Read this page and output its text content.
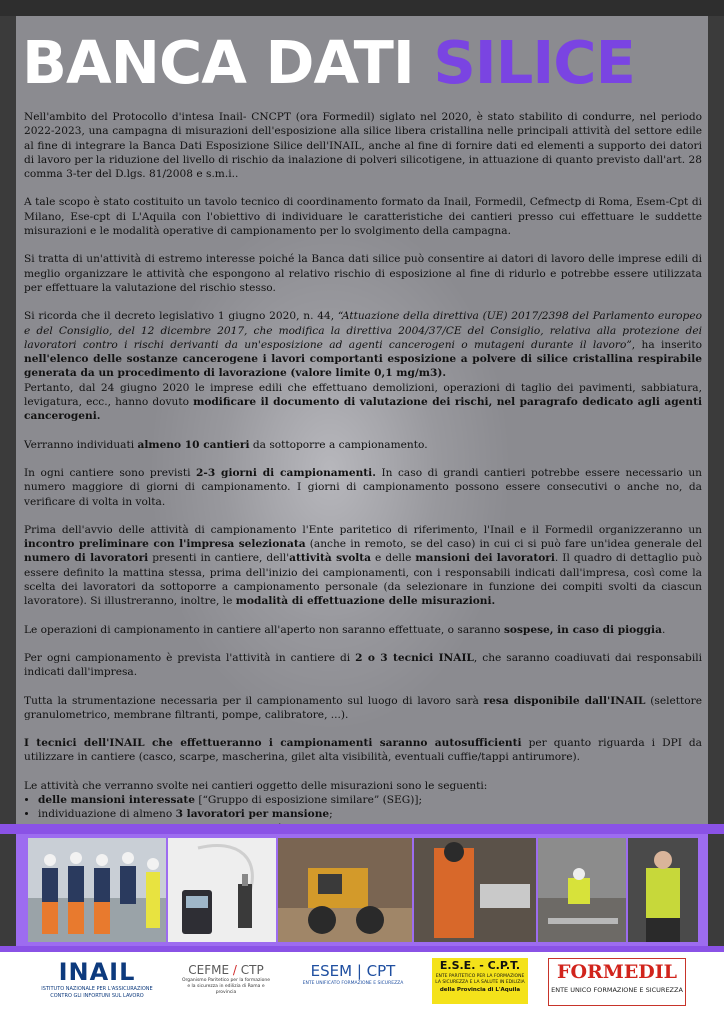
BANCA DATI SILICE

Nell'ambito del Protocollo d'intesa Inail- CNCPT (ora Formedil) siglato nel 2020, è stato stabilito di condurre, nel periodo 2022-2023, una campagna di misurazioni dell'esposizione alla silice libera cristallina nelle principali attività del settore edile al fine di integrare la Banca Dati Esposizione Silice dell'INAIL, anche al fine di fornire dati ed elementi a supporto dei datori di lavoro per la riduzione del livello di rischio da inalazione di polveri silicotigene, in attuazione di quanto previsto dall'art. 28 comma 3-ter del D.lgs. 81/2008 e s.m.i..

A tale scopo è stato costituito un tavolo tecnico di coordinamento formato da Inail, Formedil, Cefmectp di Roma, Esem-Cpt di Milano, Ese-cpt di L'Aquila con l'obiettivo di individuare le caratteristiche dei cantieri presso cui effettuare le suddette misurazioni e le modalità operative di campionamento per lo svolgimento della campagna.

Si tratta di un'attività di estremo interesse poiché la Banca dati silice può consentire ai datori di lavoro delle imprese edili di meglio organizzare le attività che espongono al relativo rischio di esposizione al fine di ridurlo e potrebbe essere utilizzata per effettuare la valutazione del rischio stesso.

Si ricorda che il decreto legislativo 1 giugno 2020, n. 44, “Attuazione della direttiva (UE) 2017/2398 del Parlamento europeo e del Consiglio, del 12 dicembre 2017, che modifica la direttiva 2004/37/CE del Consiglio, relativa alla protezione dei lavoratori contro i rischi derivanti da un'esposizione ad agenti cancerogeni o mutageni durante il lavoro”, ha inserito nell'elenco delle sostanze cancerogene i lavori comportanti esposizione a polvere di silice cristallina respirabile generata da un procedimento di lavorazione (valore limite 0,1 mg/m3).

Pertanto, dal 24 giugno 2020 le imprese edili che effettuano demolizioni, operazioni di taglio dei pavimenti, sabbiatura, levigatura, ecc., hanno dovuto modificare il documento di valutazione dei rischi, nel paragrafo dedicato agli agenti cancerogeni.

Verranno individuati almeno 10 cantieri da sottoporre a campionamento.

In ogni cantiere sono previsti 2-3 giorni di campionamenti. In caso di grandi cantieri potrebbe essere necessario un numero maggiore di giorni di campionamento. I giorni di campionamento possono essere consecutivi o anche no, da verificare di volta in volta.

Prima dell'avvio delle attività di campionamento l'Ente paritetico di riferimento, l'Inail e il Formedil organizzeranno un incontro preliminare con l'impresa selezionata (anche in remoto, se del caso) in cui ci si può fare un'idea generale del numero di lavoratori presenti in cantiere, dell'attività svolta e delle mansioni dei lavoratori. Il quadro di dettaglio può essere definito la mattina stessa, prima dell'inizio dei campionamenti, con i responsabili indicati dall'impresa, così come la scelta dei lavoratori da sottoporre a campionamento personale (da selezionare in funzione dei compiti svolti da ciascun lavoratore). Si illustreranno, inoltre, le modalità di effettuazione delle misurazioni.

Le operazioni di campionamento in cantiere all'aperto non saranno effettuate, o saranno sospese, in caso di pioggia.

Per ogni campionamento è prevista l'attività in cantiere di 2 o 3 tecnici INAIL, che saranno coadiuvati dai responsabili indicati dall'impresa.

Tutta la strumentazione necessaria per il campionamento sul luogo di lavoro sarà resa disponibile dall'INAIL (selettore granulometrico, membrane filtranti, pompe, calibratore, ...).

I tecnici dell'INAIL che effettueranno i campionamenti saranno autosufficienti per quanto riguarda i DPI da utilizzare in cantiere (casco, scarpe, mascherina, gilet alta visibilità, eventuali cuffie/tappi antirumore).

Le attività che verranno svolte nei cantieri oggetto delle misurazioni sono le seguenti:

• delle mansioni interessate [“Gruppo di esposizione similare” (SEG)];
• individuazione di almeno 3 lavoratori per mansione;
•
•
•
INAIL
ISTITUTO NAZIONALE PER L'ASSICURAZIONE
CONTRO GLI INFORTUNI SUL LAVORO
CEFME / CTP
Organismo Paritetico per la formazione e la sicurezza in edilizia di Roma e provincia
ESEM | CPT
ENTE UNIFICATO FORMAZIONE E SICUREZZA
E.S.E. - C.P.T.
ENTE PARITETICO PER LA FORMAZIONE
LA SICUREZZA E LA SALUTE IN EDILIZIA
della Provincia di L'Aquila
FORMEDIL
ENTE UNICO FORMAZIONE E SICUREZZA
